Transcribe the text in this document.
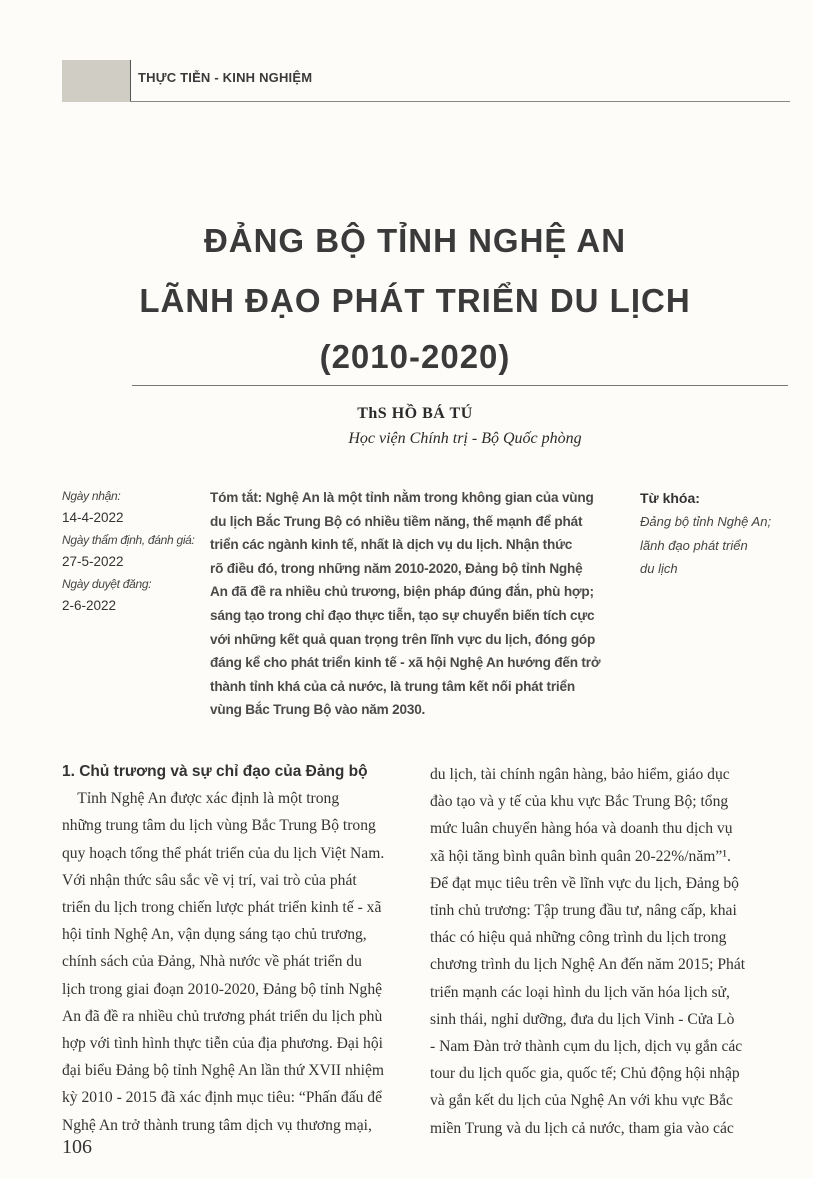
THỰC TIỄN - KINH NGHIỆM
ĐẢNG BỘ TỈNH NGHỆ AN
LÃNH ĐẠO PHÁT TRIỂN DU LỊCH
(2010-2020)
ThS HỒ BÁ TÚ
Học viện Chính trị - Bộ Quốc phòng
Ngày nhận:
14-4-2022
Ngày thẩm định, đánh giá:
27-5-2022
Ngày duyệt đăng:
2-6-2022

Tóm tắt: Nghệ An là một tỉnh nằm trong không gian của vùng

du lịch Bắc Trung Bộ có nhiều tiềm năng, thế mạnh để phát

triển các ngành kinh tế, nhất là dịch vụ du lịch. Nhận thức

rõ điều đó, trong những năm 2010-2020, Đảng bộ tỉnh Nghệ

An đã đề ra nhiều chủ trương, biện pháp đúng đắn, phù hợp;

sáng tạo trong chỉ đạo thực tiễn, tạo sự chuyển biến tích cực

với những kết quả quan trọng trên lĩnh vực du lịch, đóng góp

đáng kể cho phát triển kinh tế - xã hội Nghệ An hướng đến trở

thành tỉnh khá của cả nước, là trung tâm kết nối phát triển

vùng Bắc Trung Bộ vào năm 2030.

Từ khóa:
Đảng bộ tỉnh Nghệ An;
lãnh đạo phát triển
du lịch

1. Chủ trương và sự chỉ đạo của Đảng bộ

Tỉnh Nghệ An được xác định là một trong

những trung tâm du lịch vùng Bắc Trung Bộ trong

quy hoạch tổng thể phát triển của du lịch Việt Nam.

Với nhận thức sâu sắc về vị trí, vai trò của phát

triển du lịch trong chiến lược phát triển kinh tế - xã

hội tỉnh Nghệ An, vận dụng sáng tạo chủ trương,

chính sách của Đảng, Nhà nước về phát triển du

lịch trong giai đoạn 2010-2020, Đảng bộ tỉnh Nghệ

An đã đề ra nhiều chủ trương phát triển du lịch phù

hợp với tình hình thực tiễn của địa phương. Đại hội

đại biểu Đảng bộ tỉnh Nghệ An lần thứ XVII nhiệm

kỳ 2010 - 2015 đã xác định mục tiêu: “Phấn đấu để

Nghệ An trở thành trung tâm dịch vụ thương mại,

du lịch, tài chính ngân hàng, bảo hiểm, giáo dục

đào tạo và y tế của khu vực Bắc Trung Bộ; tổng

mức luân chuyển hàng hóa và doanh thu dịch vụ

xã hội tăng bình quân bình quân 20-22%/năm”¹.

Để đạt mục tiêu trên về lĩnh vực du lịch, Đảng bộ

tỉnh chủ trương: Tập trung đầu tư, nâng cấp, khai

thác có hiệu quả những công trình du lịch trong

chương trình du lịch Nghệ An đến năm 2015; Phát

triển mạnh các loại hình du lịch văn hóa lịch sử,

sinh thái, nghỉ dưỡng, đưa du lịch Vinh - Cửa Lò

- Nam Đàn trở thành cụm du lịch, dịch vụ gắn các

tour du lịch quốc gia, quốc tế; Chủ động hội nhập

và gắn kết du lịch của Nghệ An với khu vực Bắc

miền Trung và du lịch cả nước, tham gia vào các

106
